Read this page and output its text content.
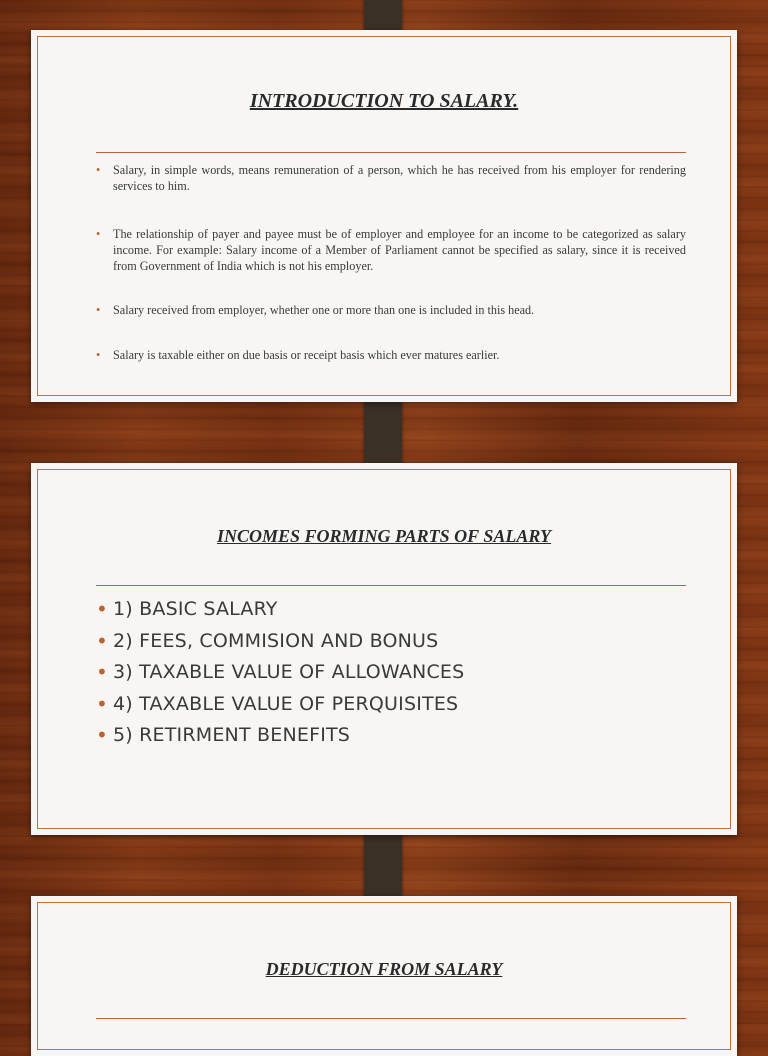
INTRODUCTION TO SALARY.
• Salary, in simple words, means remuneration of a person, which he has received from his employer for rendering services to him.
• The relationship of payer and payee must be of employer and employee for an income to be categorized as salary income. For example: Salary income of a Member of Parliament cannot be specified as salary, since it is received from Government of India which is not his employer.
• Salary received from employer, whether one or more than one is included in this head.
• Salary is taxable either on due basis or receipt basis which ever matures earlier.
INCOMES FORMING PARTS OF SALARY
• 1) BASIC SALARY
• 2) FEES, COMMISION AND BONUS
• 3) TAXABLE VALUE OF ALLOWANCES
• 4) TAXABLE VALUE OF PERQUISITES
• 5) RETIRMENT BENEFITS
DEDUCTION FROM SALARY
